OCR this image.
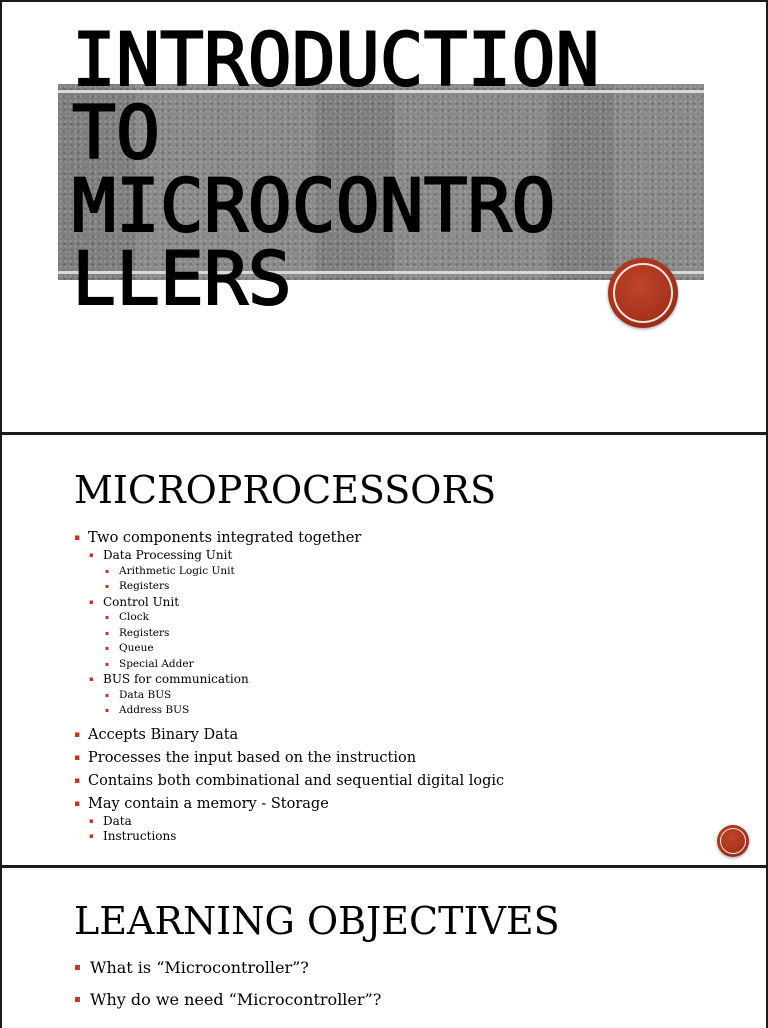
INTRODUCTION
TO
MICROCONTRO
LLERS
MICROPROCESSORS
▪ Two components integrated together
▪ Data Processing Unit
▪ Arithmetic Logic Unit
▪ Registers
▪ Control Unit
▪ Clock
▪ Registers
▪ Queue
▪ Special Adder
▪ BUS for communication
▪ Data BUS
▪ Address BUS
▪ Accepts Binary Data
▪ Processes the input based on the instruction
▪ Contains both combinational and sequential digital logic
▪ May contain a memory - Storage
▪ Data
▪ Instructions
LEARNING OBJECTIVES
▪ What is “Microcontroller”?
▪ Why do we need “Microcontroller”?
